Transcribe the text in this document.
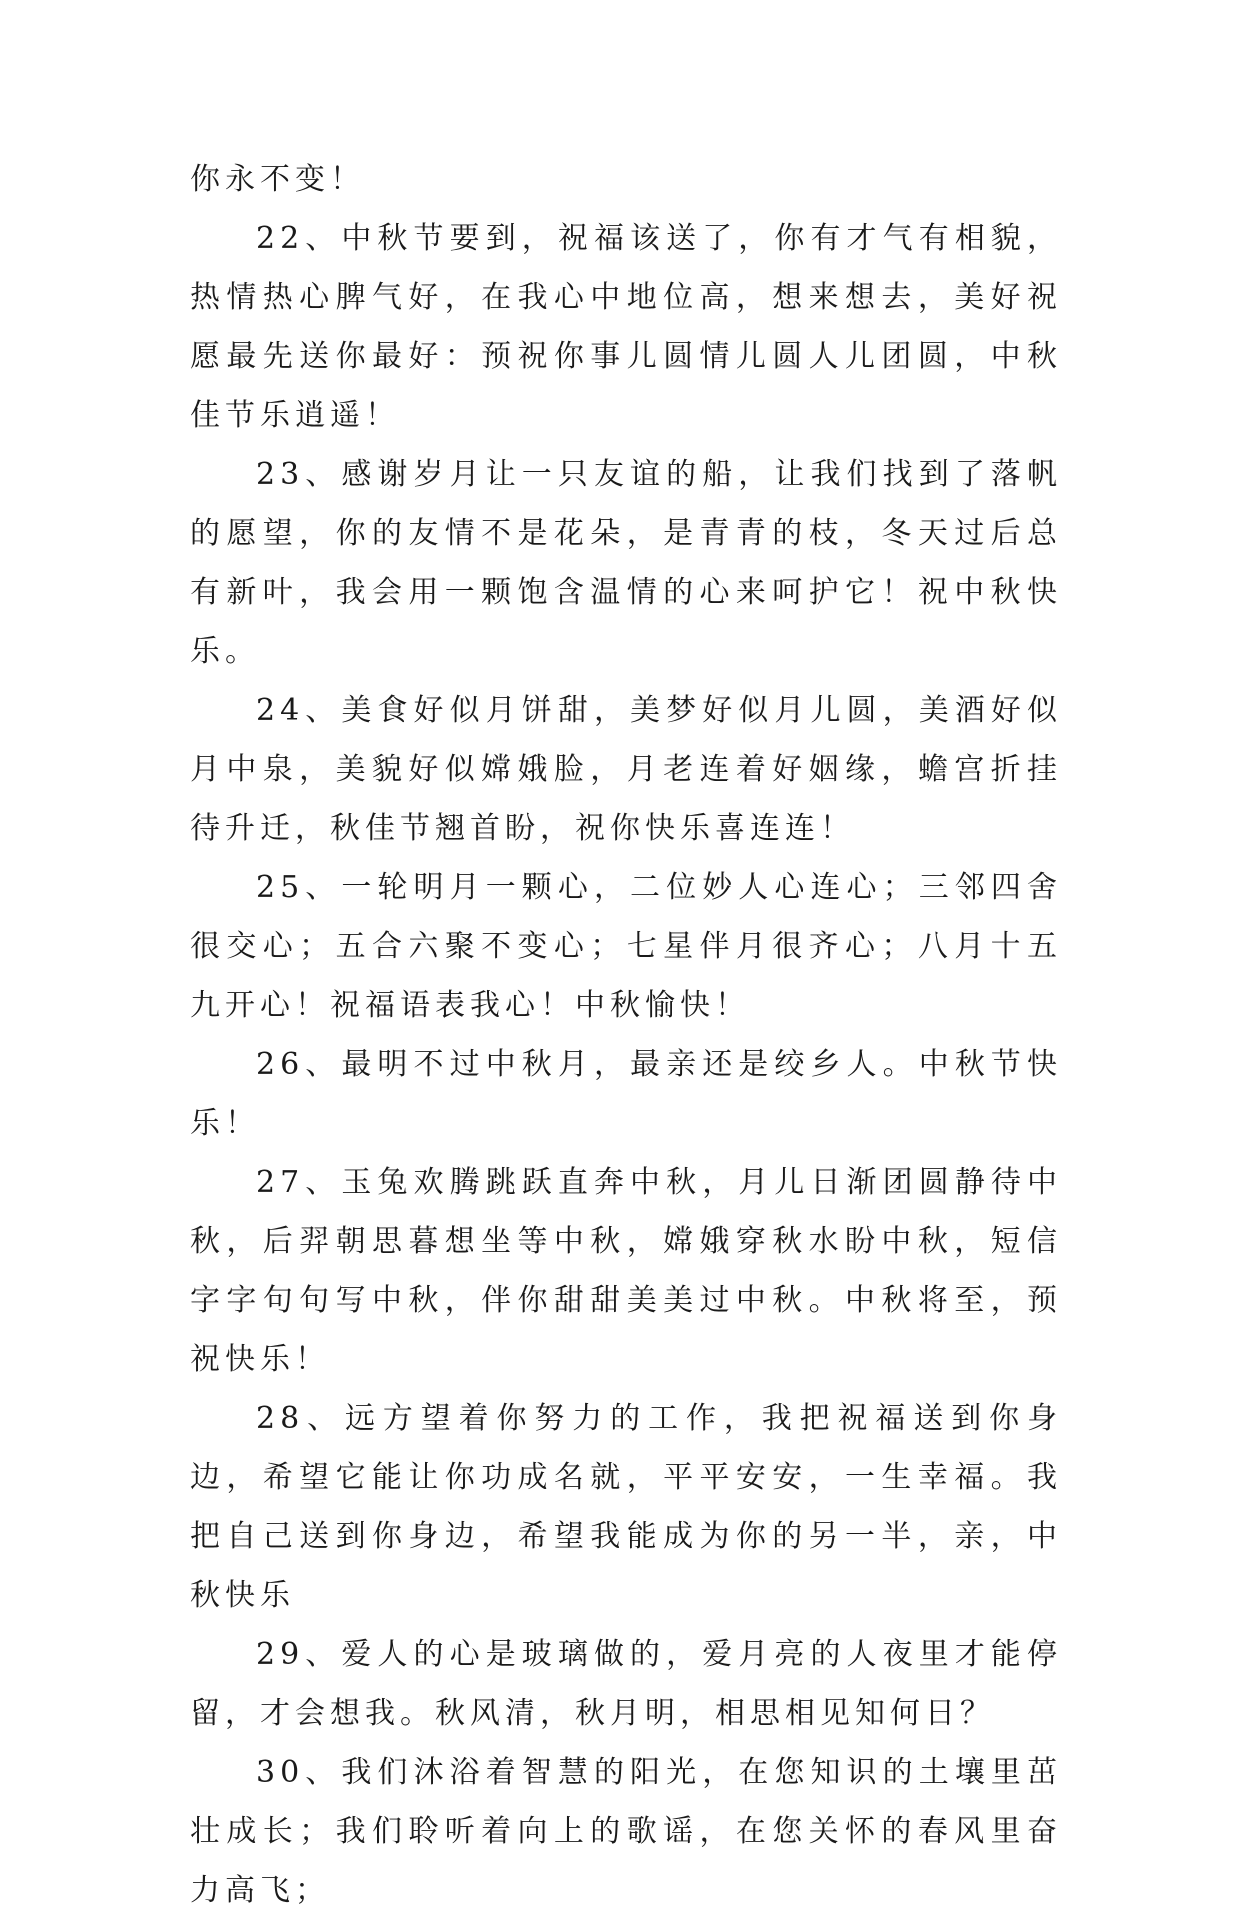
你永不变！

22、中秋节要到，祝福该送了，你有才气有相貌，热情热心脾气好，在我心中地位高，想来想去，美好祝愿最先送你最好：预祝你事儿圆情儿圆人儿团圆，中秋佳节乐逍遥！

23、感谢岁月让一只友谊的船，让我们找到了落帆的愿望，你的友情不是花朵，是青青的枝，冬天过后总有新叶，我会用一颗饱含温情的心来呵护它！祝中秋快乐。

24、美食好似月饼甜，美梦好似月儿圆，美酒好似月中泉，美貌好似嫦娥脸，月老连着好姻缘，蟾宫折挂待升迁，秋佳节翘首盼，祝你快乐喜连连！

25、一轮明月一颗心，二位妙人心连心；三邻四舍很交心；五合六聚不变心；七星伴月很齐心；八月十五九开心！祝福语表我心！中秋愉快！

26、最明不过中秋月，最亲还是绞乡人。中秋节快乐！

27、玉兔欢腾跳跃直奔中秋，月儿日渐团圆静待中秋，后羿朝思暮想坐等中秋，嫦娥穿秋水盼中秋，短信字字句句写中秋，伴你甜甜美美过中秋。中秋将至，预祝快乐！

28、远方望着你努力的工作，我把祝福送到你身边，希望它能让你功成名就，平平安安，一生幸福。我把自己送到你身边，希望我能成为你的另一半，亲，中秋快乐

29、爱人的心是玻璃做的，爱月亮的人夜里才能停留，才会想我。秋风清，秋月明，相思相见知何日？

30、我们沐浴着智慧的阳光，在您知识的土壤里茁壮成长；我们聆听着向上的歌谣，在您关怀的春风里奋力高飞；
